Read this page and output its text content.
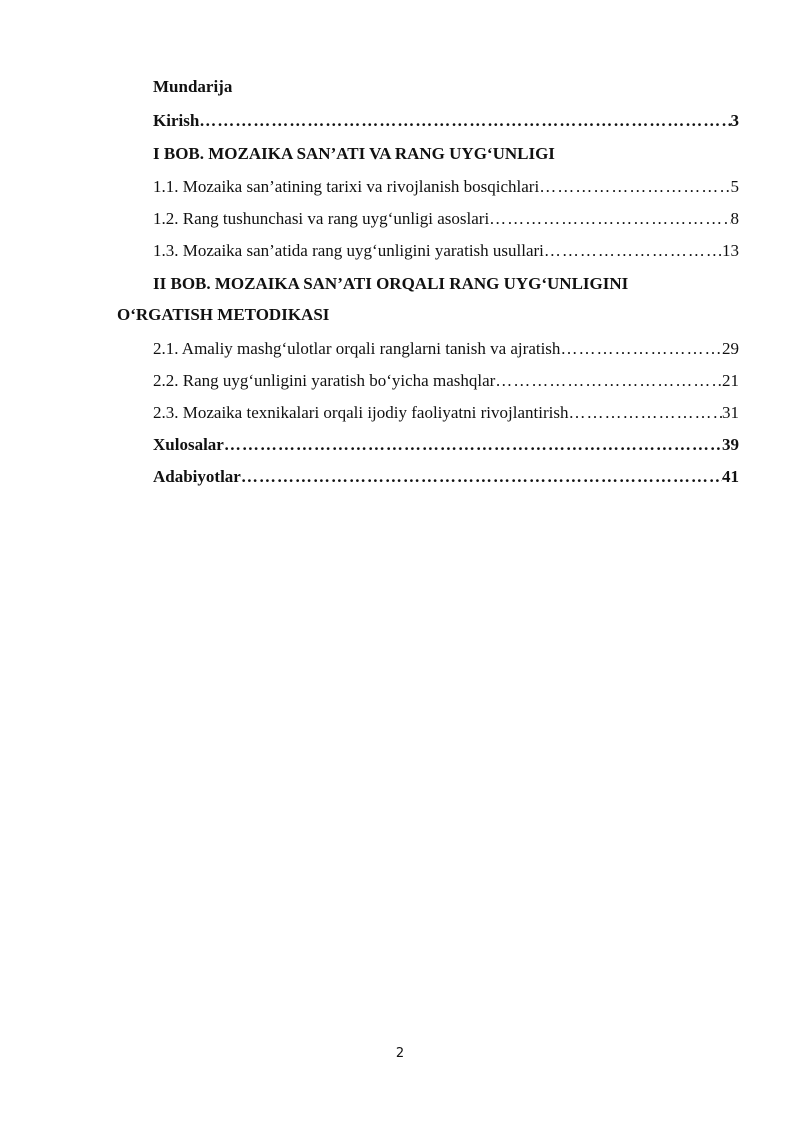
Mundarija
Kirish ………………………………………………………………………………………………………………………………………………………………	3
I BOB. MOZAIKA SAN’ATI VA RANG UYG‘UNLIGI
1.1. Mozaika san’atining tarixi va rivojlanish bosqichlari ………………………………………………………………………………………………………………………………………………………………	5
1.2. Rang tushunchasi va rang uyg‘unligi asoslari ………………………………………………………………………………………………………………………………………………………………	8
1.3. Mozaika san’atida rang uyg‘unligini yaratish usullari ………………………………………………………………………………………………………………………………………………………………	13
II BOB. MOZAIKA SAN’ATI ORQALI RANG UYG‘UNLIGINI
O‘RGATISH METODIKASI
2.1. Amaliy mashg‘ulotlar orqali ranglarni tanish va ajratish ………………………………………………………………………………………………………………………………………………………………	29
2.2. Rang uyg‘unligini yaratish bo‘yicha mashqlar ………………………………………………………………………………………………………………………………………………………………	21
2.3. Mozaika texnikalari orqali ijodiy faoliyatni rivojlantirish ………………………………………………………………………………………………………………………………………………………………	31
Xulosalar ………………………………………………………………………………………………………………………………………………………………	39
Adabiyotlar ………………………………………………………………………………………………………………………………………………………………	41
2
